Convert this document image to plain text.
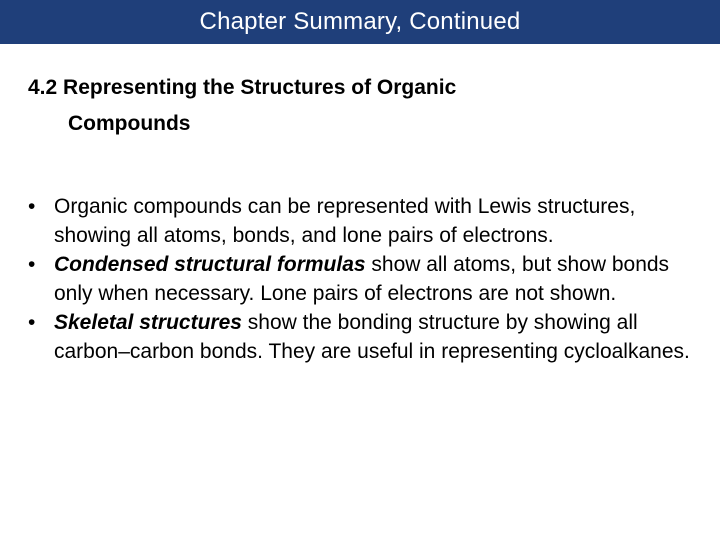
Chapter Summary, Continued
4.2 Representing the Structures of Organic
Compounds
• Organic compounds can be represented with Lewis structures, showing all atoms, bonds, and lone pairs of electrons.
• Condensed structural formulas show all atoms, but show bonds only when necessary. Lone pairs of electrons are not shown.
• Skeletal structures show the bonding structure by showing all carbon–carbon bonds. They are useful in representing cycloalkanes.
